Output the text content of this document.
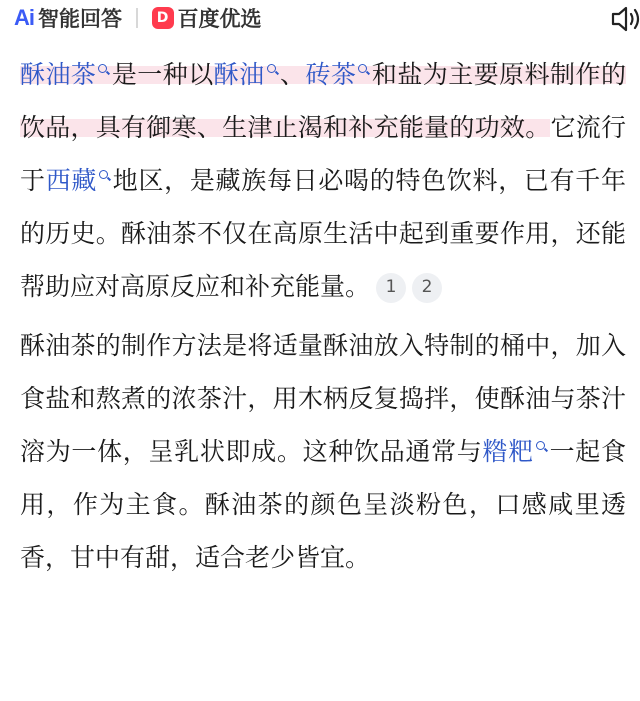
Ai 智能回答	D 百度优选

酥油茶 是一种以酥油 、砖茶 和盐为主要原料制作的饮品，具有御寒、生津止渴和补充能量的功效。它流行于西藏 地区，是藏族每日必喝的特色饮料，已有千年的历史。酥油茶不仅在高原生活中起到重要作用，还能帮助应对高原反应和补充能量。 1 2

酥油茶的制作方法是将适量酥油放入特制的桶中，加入食盐和熬煮的浓茶汁，用木柄反复捣拌，使酥油与茶汁溶为一体，呈乳状即成。这种饮品通常与糌粑 一起食用，作为主食。酥油茶的颜色呈淡粉色，口感咸里透香，甘中有甜，适合老少皆宜。
